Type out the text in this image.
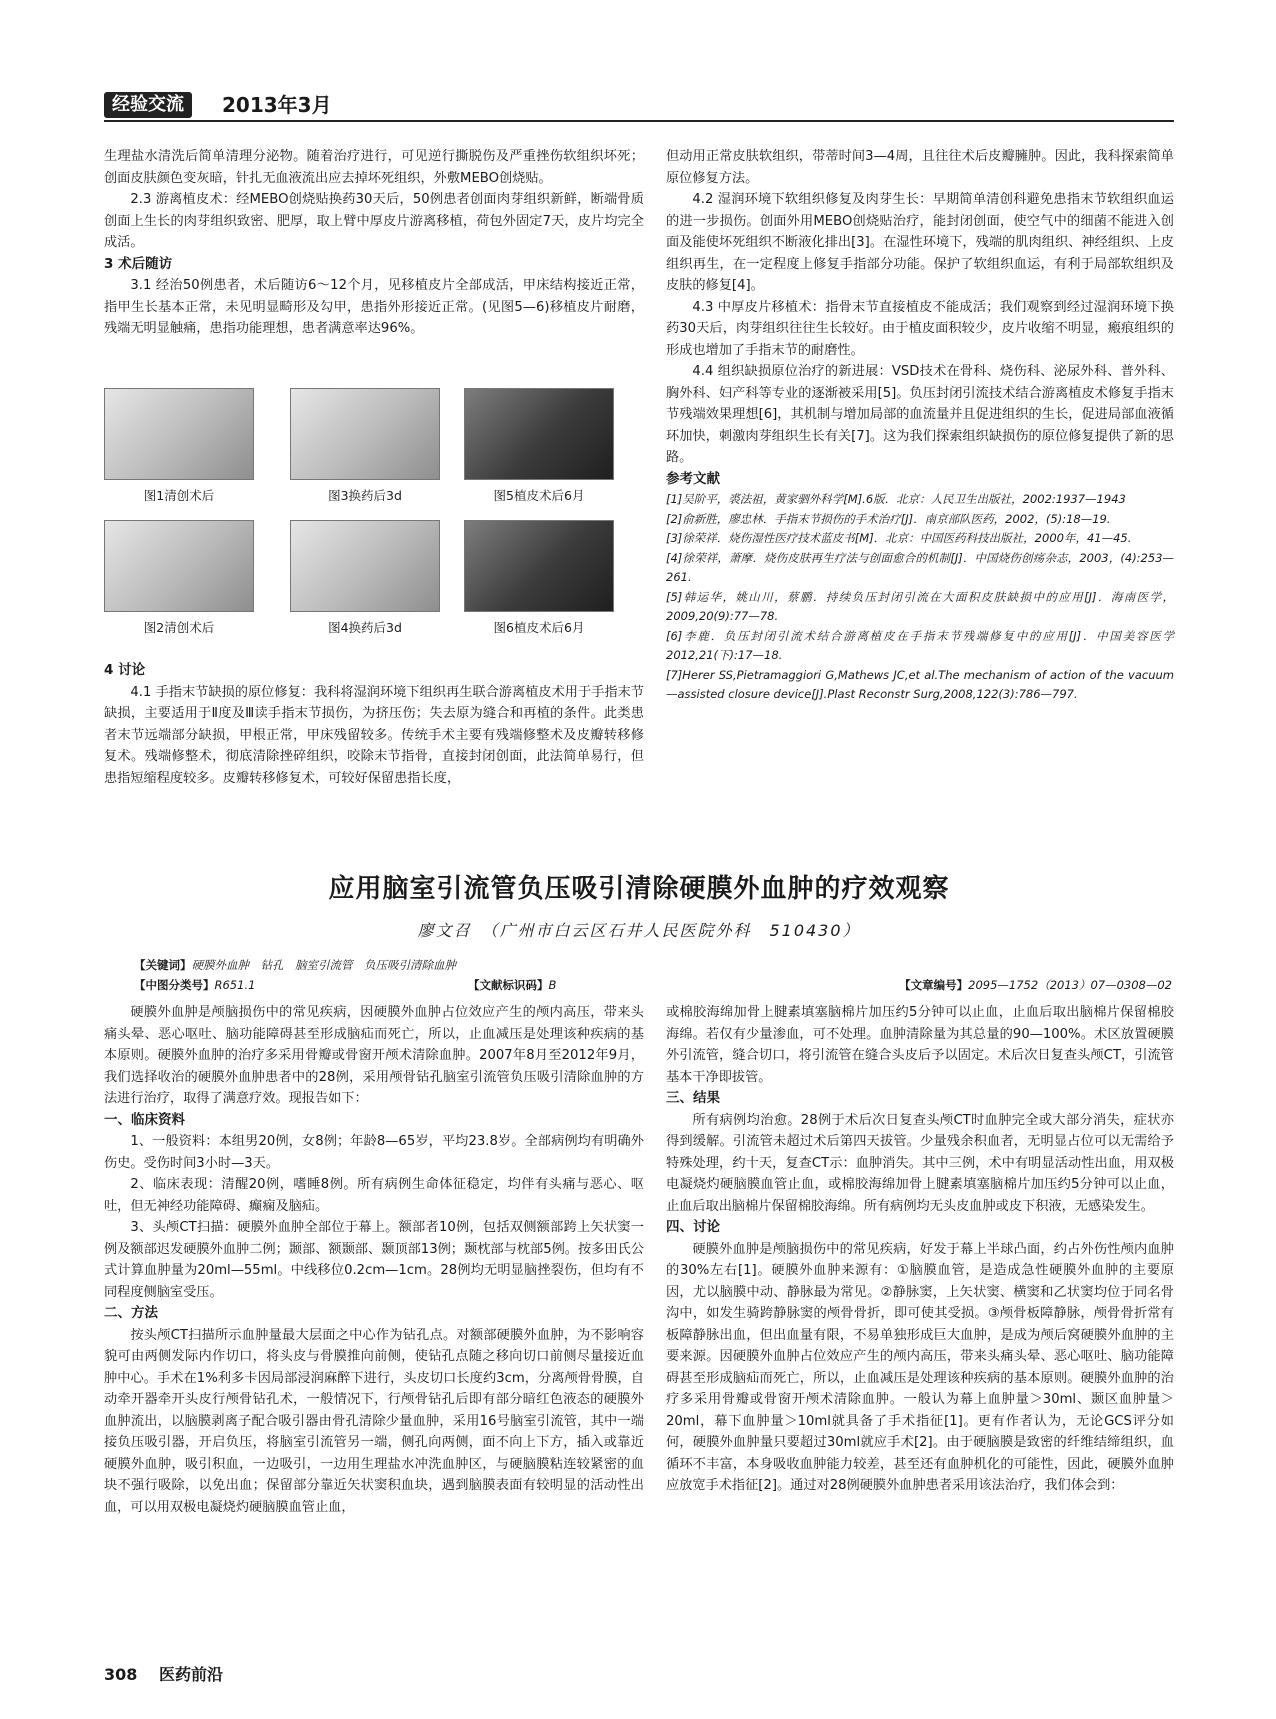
经验交流	2013年3月

生理盐水清洗后简单清理分泌物。随着治疗进行，可见逆行撕脱伤及严重挫伤软组织坏死；创面皮肤颜色变灰暗，针扎无血液流出应去掉坏死组织，外敷MEBO创烧贴。

2.3 游离植皮术：经MEBO创烧贴换药30天后，50例患者创面肉芽组织新鲜，断端骨质创面上生长的肉芽组织致密、肥厚，取上臂中厚皮片游离移植，荷包外固定7天，皮片均完全成活。

3 术后随访

3.1 经治50例患者，术后随访6～12个月，见移植皮片全部成活，甲床结构接近正常，指甲生长基本正常，未见明显畸形及勾甲，患指外形接近正常。(见图5—6)移植皮片耐磨，残端无明显触痛，患指功能理想，患者满意率达96%。

图1清创术后	图3换药后3d	图5植皮术后6月
图2清创术后	图4换药后3d	图6植皮术后6月
4 讨论

4.1 手指末节缺损的原位修复：我科将湿润环境下组织再生联合游离植皮术用于手指末节缺损，主要适用于Ⅱ度及Ⅲ读手指末节损伤，为挤压伤；失去原为缝合和再植的条件。此类患者末节远端部分缺损，甲根正常，甲床残留较多。传统手术主要有残端修整术及皮瓣转移修复术。残端修整术，彻底清除挫碎组织，咬除末节指骨，直接封闭创面，此法简单易行，但患指短缩程度较多。皮瓣转移修复术，可较好保留患指长度，

但动用正常皮肤软组织，带蒂时间3—4周，且往往术后皮瓣臃肿。因此，我科探索简单原位修复方法。

4.2 湿润环境下软组织修复及肉芽生长：早期简单清创科避免患指末节软组织血运的进一步损伤。创面外用MEBO创烧贴治疗，能封闭创面，使空气中的细菌不能进入创面及能使坏死组织不断液化排出[3]。在湿性环境下，残端的肌肉组织、神经组织、上皮组织再生，在一定程度上修复手指部分功能。保护了软组织血运，有利于局部软组织及皮肤的修复[4]。

4.3 中厚皮片移植术：指骨末节直接植皮不能成活；我们观察到经过湿润环境下换药30天后，肉芽组织往往生长较好。由于植皮面积较少，皮片收缩不明显，瘢痕组织的形成也增加了手指末节的耐磨性。

4.4 组织缺损原位治疗的新进展：VSD技术在骨科、烧伤科、泌尿外科、普外科、胸外科、妇产科等专业的逐渐被采用[5]。负压封闭引流技术结合游离植皮术修复手指末节残端效果理想[6]，其机制与增加局部的血流量并且促进组织的生长，促进局部血液循环加快，刺激肉芽组织生长有关[7]。这为我们探索组织缺损伤的原位修复提供了新的思路。

参考文献

[1]吴阶平，裘法祖，黄家驷外科学[M].6版．北京：人民卫生出版社，2002:1937—1943

[2]俞新胜，廖忠林．手指末节损伤的手术治疗[J]．南京部队医药，2002，(5):18—19.

[3]徐荣祥．烧伤湿性医疗技术蓝皮书[M]．北京：中国医药科技出版社，2000年，41—45.

[4]徐荣祥，萧摩．烧伤皮肤再生疗法与创面愈合的机制[J]．中国烧伤创疡杂志，2003，(4):253—261.

[5]韩运华，姚山川，蔡鹏．持续负压封闭引流在大面积皮肤缺损中的应用[J]．海南医学，2009,20(9):77—78.

[6]李鹿．负压封闭引流术结合游离植皮在手指末节残端修复中的应用[J]．中国美容医学2012,21(下):17—18.

[7]Herer SS,Pietramaggiori G,Mathews JC,et al.The mechanism of action of the vacuum—assisted closure device[J].Plast Reconstr Surg,2008,122(3):786—797.

应用脑室引流管负压吸引清除硬膜外血肿的疗效观察
廖文召　（广州市白云区石井人民医院外科　510430）
【关键词】硬膜外血肿　钻孔　脑室引流管　负压吸引清除血肿
【中图分类号】R651.1	【文献标识码】B	【文章编号】2095—1752（2013）07—0308—02

硬膜外血肿是颅脑损伤中的常见疾病，因硬膜外血肿占位效应产生的颅内高压，带来头痛头晕、恶心呕吐、脑功能障碍甚至形成脑疝而死亡，所以，止血减压是处理该种疾病的基本原则。硬膜外血肿的治疗多采用骨瓣或骨窗开颅术清除血肿。2007年8月至2012年9月，我们选择收治的硬膜外血肿患者中的28例，采用颅骨钻孔脑室引流管负压吸引清除血肿的方法进行治疗，取得了满意疗效。现报告如下：

一、临床资料

1、一般资料：本组男20例，女8例；年龄8—65岁，平均23.8岁。全部病例均有明确外伤史。受伤时间3小时—3天。

2、临床表现：清醒20例，嗜睡8例。所有病例生命体征稳定，均伴有头痛与恶心、呕吐，但无神经功能障碍、癫痫及脑疝。

3、头颅CT扫描：硬膜外血肿全部位于幕上。额部者10例，包括双侧额部跨上矢状窦一例及额部迟发硬膜外血肿二例；颞部、额颞部、颞顶部13例；颞枕部与枕部5例。按多田氏公式计算血肿量为20ml—55ml。中线移位0.2cm—1cm。28例均无明显脑挫裂伤，但均有不同程度侧脑室受压。

二、方法

按头颅CT扫描所示血肿量最大层面之中心作为钻孔点。对额部硬膜外血肿，为不影响容貌可由两侧发际内作切口，将头皮与骨膜推向前侧，使钻孔点随之移向切口前侧尽量接近血肿中心。手术在1%利多卡因局部浸润麻醉下进行，头皮切口长度约3cm，分离颅骨骨膜，自动牵开器牵开头皮行颅骨钻孔术，一般情况下，行颅骨钻孔后即有部分暗红色液态的硬膜外血肿流出，以脑膜剥离子配合吸引器由骨孔清除少量血肿，采用16号脑室引流管，其中一端接负压吸引器，开启负压，将脑室引流管另一端，侧孔向两侧，面不向上下方，插入或靠近硬膜外血肿，吸引积血，一边吸引，一边用生理盐水冲洗血肿区，与硬脑膜粘连较紧密的血块不强行吸除，以免出血；保留部分靠近矢状窦积血块，遇到脑膜表面有较明显的活动性出血，可以用双极电凝烧灼硬脑膜血管止血，

或棉胶海绵加骨上腱素填塞脑棉片加压约5分钟可以止血，止血后取出脑棉片保留棉胶海绵。若仅有少量渗血，可不处理。血肿清除量为其总量的90—100%。术区放置硬膜外引流管，缝合切口，将引流管在缝合头皮后予以固定。术后次日复查头颅CT，引流管基本干净即拔管。

三、结果

所有病例均治愈。28例于术后次日复查头颅CT时血肿完全或大部分消失，症状亦得到缓解。引流管未超过术后第四天拔管。少量残余积血者，无明显占位可以无需给予特殊处理，约十天，复查CT示：血肿消失。其中三例，术中有明显活动性出血，用双极电凝烧灼硬脑膜血管止血，或棉胶海绵加骨上腱素填塞脑棉片加压约5分钟可以止血，止血后取出脑棉片保留棉胶海绵。所有病例均无头皮血肿或皮下积液，无感染发生。

四、讨论

硬膜外血肿是颅脑损伤中的常见疾病，好发于幕上半球凸面，约占外伤性颅内血肿的30%左右[1]。硬膜外血肿来源有：①脑膜血管，是造成急性硬膜外血肿的主要原因，尤以脑膜中动、静脉最为常见。②静脉窦，上矢状窦、横窦和乙状窦均位于同名骨沟中，如发生骑跨静脉窦的颅骨骨折，即可使其受损。③颅骨板障静脉，颅骨骨折常有板障静脉出血，但出血量有限，不易单独形成巨大血肿，是成为颅后窝硬膜外血肿的主要来源。因硬膜外血肿占位效应产生的颅内高压，带来头痛头晕、恶心呕吐、脑功能障碍甚至形成脑疝而死亡，所以，止血减压是处理该种疾病的基本原则。硬膜外血肿的治疗多采用骨瓣或骨窗开颅术清除血肿。一般认为幕上血肿量＞30ml、颞区血肿量＞20ml，幕下血肿量＞10ml就具备了手术指征[1]。更有作者认为，无论GCS评分如何，硬膜外血肿量只要超过30ml就应手术[2]。由于硬脑膜是致密的纤维结缔组织，血循环不丰富，本身吸收血肿能力较差，甚至还有血肿机化的可能性，因此，硬膜外血肿应放宽手术指征[2]。通过对28例硬膜外血肿患者采用该法治疗，我们体会到：

308 医药前沿
